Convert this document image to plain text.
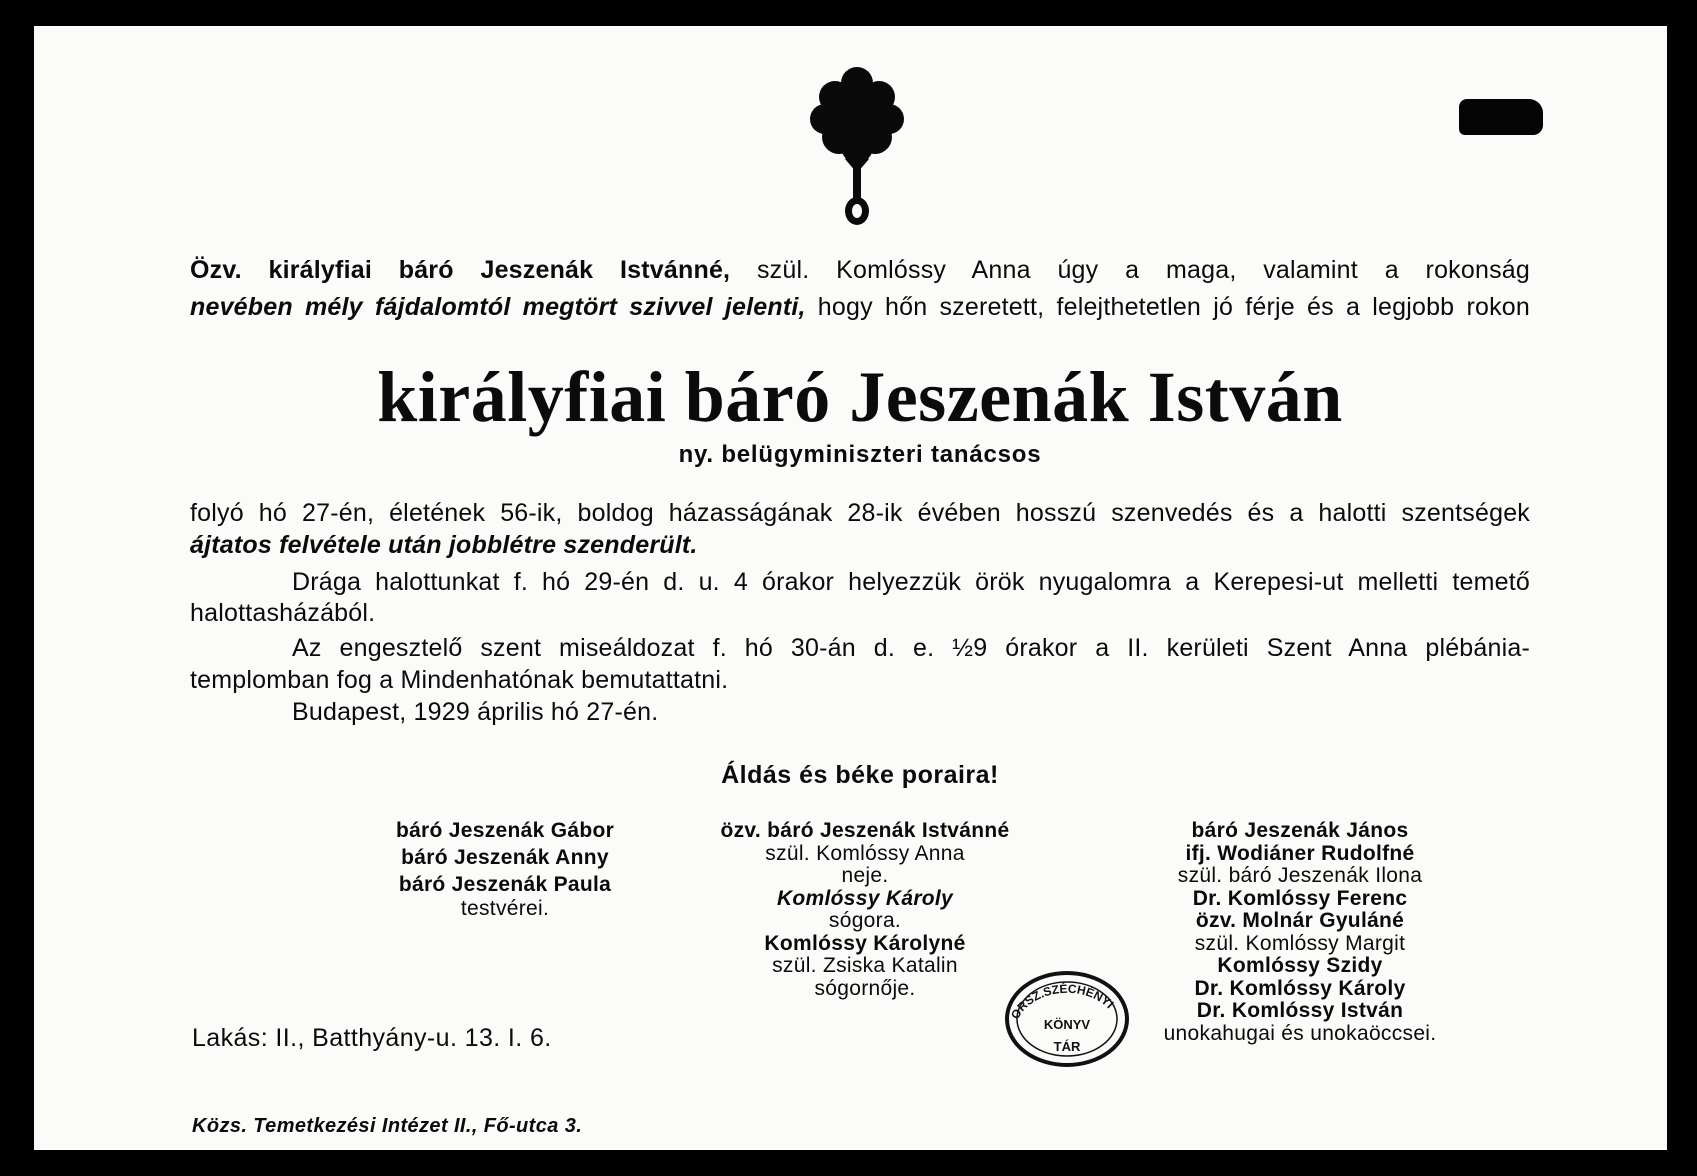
Özv. királyfiai báró Jeszenák Istvánné, szül. Komlóssy Anna úgy a maga, valamint a rokonság
nevében mély fájdalomtól megtört szivvel jelenti, hogy hőn szeretett, felejthetetlen jó férje és a legjobb rokon
királyfiai báró Jeszenák István
ny. belügyminiszteri tanácsos
folyó hó 27-én, életének 56-ik, boldog házasságának 28-ik évében hosszú szenvedés és a halotti szentségek
ájtatos felvétele után jobblétre szenderült.
Drága halottunkat f. hó 29-én d. u. 4 órakor helyezzük örök nyugalomra a Kerepesi-ut melletti temető
halottasházából.
Az engesztelő szent miseáldozat f. hó 30-án d. e. ½9 órakor a II. kerületi Szent Anna plébánia-
templomban fog a Mindenhatónak bemutattatni.
Budapest, 1929 április hó 27-én.
Áldás és béke poraira!
báró Jeszenák Gábor
báró Jeszenák Anny
báró Jeszenák Paula
testvérei.
özv. báró Jeszenák Istvánné
szül. Komlóssy Anna
neje.
Komlóssy Károly
sógora.
Komlóssy Károlyné
szül. Zsiska Katalin
sógornője.
báró Jeszenák János
ifj. Wodiáner Rudolfné
szül. báró Jeszenák Ilona
Dr. Komlóssy Ferenc
özv. Molnár Gyuláné
szül. Komlóssy Margit
Komlóssy Szidy
Dr. Komlóssy Károly
Dr. Komlóssy István
unokahugai és unokaöccsei.
Lakás: II., Batthyány-u. 13. I. 6.
Közs. Temetkezési Intézet II., Fő-utca 3.
ORSZ.SZÉCHÉNYI
KÖNYV
TÁR
